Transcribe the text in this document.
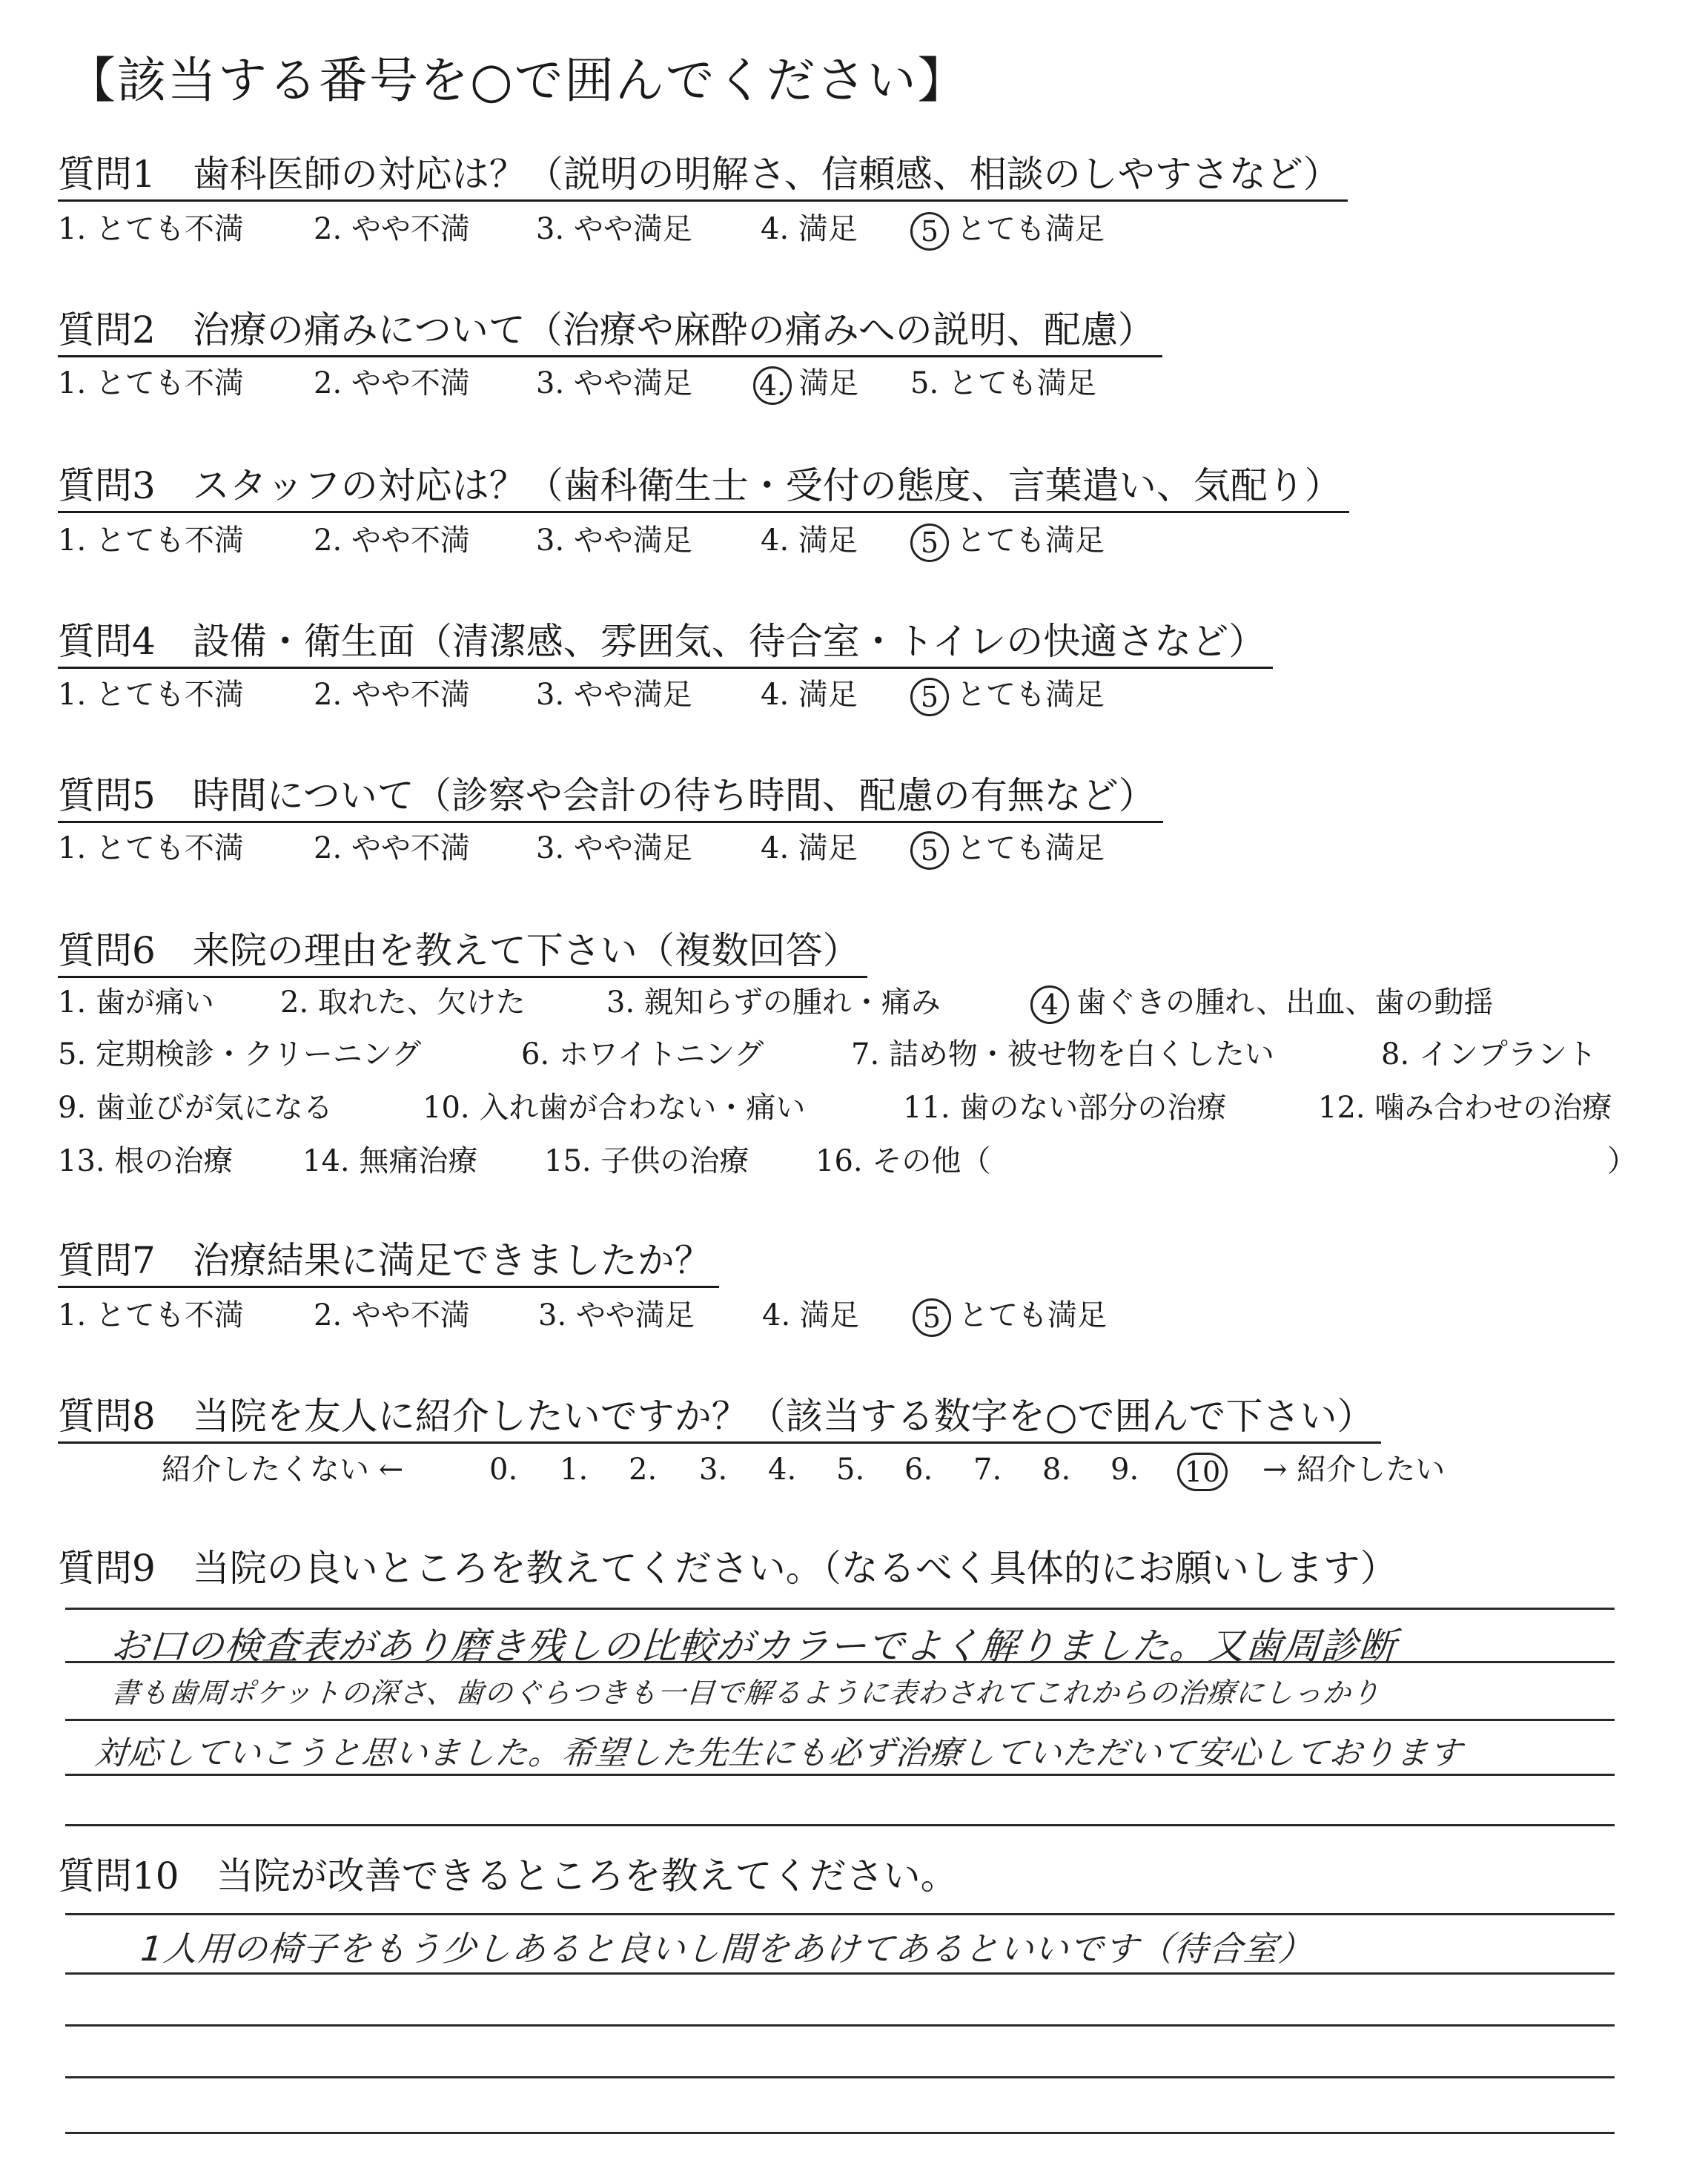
【該当する番号を○で囲んでください】
質問1　歯科医師の対応は？（説明の明解さ、信頼感、相談のしやすさなど）
1. とても不満 2. やや不満 3. やや満足 4. 満足	5 とても満足
質問2　治療の痛みについて（治療や麻酔の痛みへの説明、配慮）
1. とても不満 2. やや不満 3. やや満足 4. 満足 5. とても満足
質問3　スタッフの対応は？（歯科衛生士・受付の態度、言葉遣い、気配り）
1. とても不満 2. やや不満 3. やや満足 4. 満足	5 とても満足
質問4　設備・衛生面（清潔感、雰囲気、待合室・トイレの快適さなど）
1. とても不満 2. やや不満 3. やや満足 4. 満足	5 とても満足
質問5　時間について（診察や会計の待ち時間、配慮の有無など）
1. とても不満 2. やや不満 3. やや満足 4. 満足	5 とても満足
質問6　来院の理由を教えて下さい（複数回答）
1. 歯が痛い 2. 取れた、欠けた	3. 親知らずの腫れ・痛み	4 歯ぐきの腫れ、出血、歯の動揺
5. 定期検診・クリーニング	6. ホワイトニング	7. 詰め物・被せ物を白くしたい	8. インプラント
9. 歯並びが気になる	10. 入れ歯が合わない・痛い	11. 歯のない部分の治療	12. 噛み合わせの治療
13. 根の治療 14. 無痛治療 15. 子供の治療 16. その他（	）
質問7　治療結果に満足できましたか？
1. とても不満 2. やや不満 3. やや満足 4. 満足	5 とても満足
質問8　当院を友人に紹介したいですか？（該当する数字を○で囲んで下さい）
紹介したくない ←	0. 1. 2. 3. 4. 5. 6. 7. 8. 9. 10	→ 紹介したい
質問9　当院の良いところを教えてください。（なるべく具体的にお願いします）
お口の検査表があり磨き残しの比較がカラーでよく解りました。又歯周診断
書も歯周ポケットの深さ、歯のぐらつきも一目で解るように表わされてこれからの治療にしっかり
対応していこうと思いました。希望した先生にも必ず治療していただいて安心しております
質問10　当院が改善できるところを教えてください。
1人用の椅子をもう少しあると良いし間をあけてあるといいです（待合室）
